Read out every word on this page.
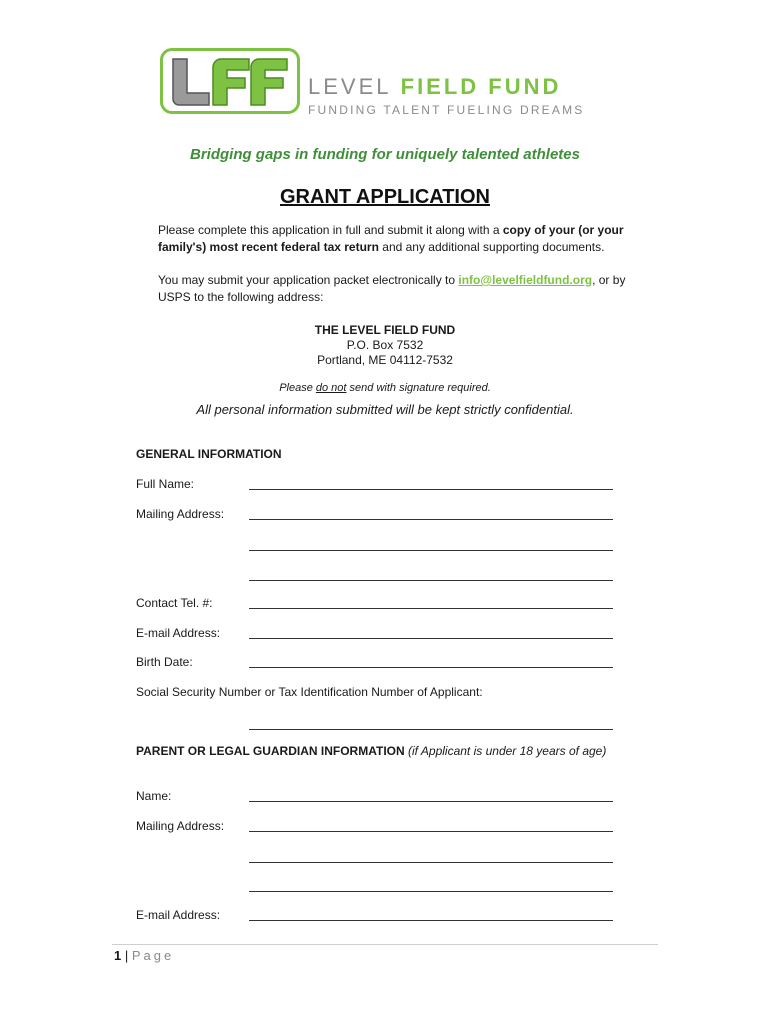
LEVEL FIELD FUND
FUNDING TALENT FUELING DREAMS
Bridging gaps in funding for uniquely talented athletes
GRANT APPLICATION
Please complete this application in full and submit it along with a copy of your (or your family's) most recent federal tax return and any additional supporting documents.
You may submit your application packet electronically to info@levelfieldfund.org, or by USPS to the following address:
THE LEVEL FIELD FUND
P.O. Box 7532
Portland, ME 04112-7532
Please do not send with signature required.
All personal information submitted will be kept strictly confidential.
GENERAL INFORMATION
Full Name:
Mailing Address:
Contact Tel. #:
E-mail Address:
Birth Date:
Social Security Number or Tax Identification Number of Applicant:
PARENT OR LEGAL GUARDIAN INFORMATION (if Applicant is under 18 years of age)
Name:
Mailing Address:
E-mail Address:
1 | Page
